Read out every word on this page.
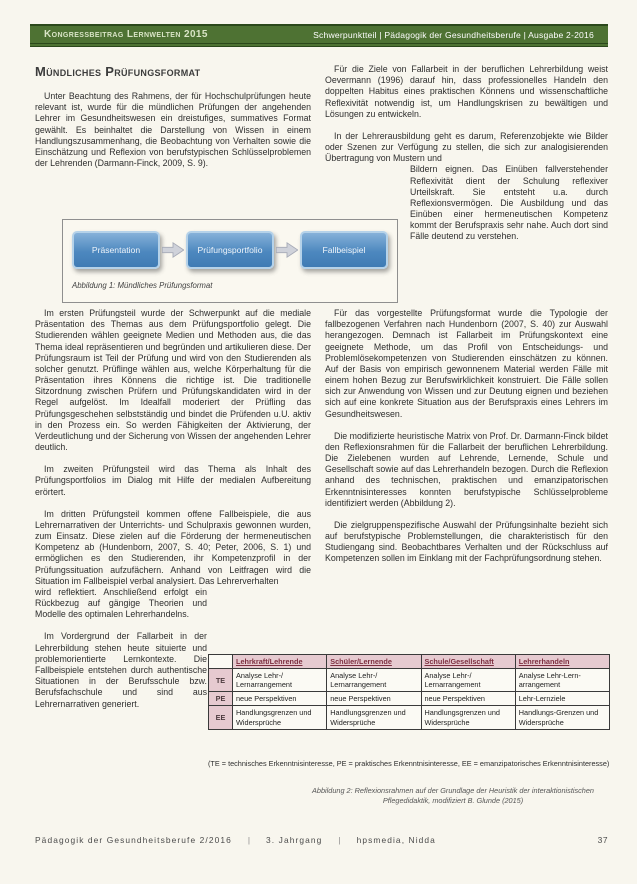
Kongressbeitrag Lernwelten 2015	Schwerpunktteil | Pädagogik der Gesundheitsberufe | Ausgabe 2-2016
Mündliches Prüfungsformat

Unter Beachtung des Rahmens, der für Hochschulprüfungen heute relevant ist, wurde für die mündlichen Prüfungen der angehenden Lehrer im Gesundheitswesen ein dreistufiges, summatives Format gewählt. Es beinhaltet die Darstellung von Wissen in einem Handlungszusammenhang, die Beobachtung von Verhalten sowie die Einschätzung und Reflexion von berufstypischen Schlüsselproblemen der Lehrenden (Darmann-Finck, 2009, S. 9).

Präsentation	Prüfungsportfolio	Fallbeispiel
Abbildung 1: Mündliches Prüfungsformat

Für die Ziele von Fallarbeit in der beruflichen Lehrerbildung weist Oevermann (1996) darauf hin, dass professionelles Handeln den doppelten Habitus eines praktischen Könnens und wissenschaftliche Reflexivität notwendig ist, um Handlungskrisen zu bewältigen und Lösungen zu entwickeln.

In der Lehrerausbildung geht es darum, Referenzobjekte wie Bilder oder Szenen zur Verfügung zu stellen, die sich zur analogisierenden Übertragung von Mustern und

Bildern eignen. Das Einüben fallverstehender Reflexivität dient der Schulung reflexiver Urteilskraft. Sie entsteht u.a. durch Reflexionsvermögen. Die Ausbildung und das Einüben einer hermeneutischen Kompetenz kommt der Berufspraxis sehr nahe. Auch dort sind Fälle deutend zu verstehen.

Im ersten Prüfungsteil wurde der Schwerpunkt auf die mediale Präsentation des Themas aus dem Prüfungsportfolio gelegt. Die Studierenden wählen geeignete Medien und Methoden aus, die das Thema ideal repräsentieren und begründen und artikulieren diese. Der Prüfungsraum ist Teil der Prüfung und wird von den Studierenden als solcher genutzt. Prüflinge wählen aus, welche Körperhaltung für die Präsentation ihres Könnens die richtige ist. Die traditionelle Sitzordnung zwischen Prüfern und Prüfungskandidaten wird in der Regel aufgelöst. Im Idealfall moderiert der Prüfling das Prüfungsgeschehen selbstständig und bindet die Prüfenden u.U. aktiv in den Prozess ein. So werden Fähigkeiten der Aktivierung, der Verdeutlichung und der Sicherung von Wissen der angehenden Lehrer deutlich.

Im zweiten Prüfungsteil wird das Thema als Inhalt des Prüfungsportfolios im Dialog mit Hilfe der medialen Aufbereitung erörtert.

Im dritten Prüfungsteil kommen offene Fallbeispiele, die aus Lehrernarrativen der Unterrichts- und Schulpraxis gewonnen wurden, zum Einsatz. Diese zielen auf die Förderung der hermeneutischen Kompetenz ab (Hundenborn, 2007, S. 40; Peter, 2006, S. 1) und ermöglichen es den Studierenden, ihr Kompetenzprofil in der Prüfungssituation aufzufächern. Anhand von Leitfragen wird die Situation im Fallbeispiel verbal analysiert. Das Lehrerverhalten

wird reflektiert. Anschließend erfolgt ein Rückbezug auf gängige Theorien und Modelle des optimalen Lehrerhandelns.

Im Vordergrund der Fallarbeit in der Lehrerbildung stehen heute situierte und problemorientierte Lernkontexte. Die Fallbeispiele entstehen durch authentische Situationen in der Berufsschule bzw. Berufsfachschule und sind aus Lehrernarrativen generiert.

Für das vorgestellte Prüfungsformat wurde die Typologie der fallbezogenen Verfahren nach Hundenborn (2007, S. 40) zur Auswahl herangezogen. Demnach ist Fallarbeit im Prüfungskontext eine geeignete Methode, um das Profil von Entscheidungs- und Problemlösekompetenzen von Studierenden einschätzen zu können. Auf der Basis von empirisch gewonnenem Material werden Fälle mit einem hohen Bezug zur Berufswirklichkeit konstruiert. Die Fälle sollen sich zur Anwendung von Wissen und zur Deutung eignen und beziehen sich auf eine konkrete Situation aus der Berufspraxis eines Lehrers im Gesundheitswesen.

Die modifizierte heuristische Matrix von Prof. Dr. Darmann-Finck bildet den Reflexionsrahmen für die Fallarbeit der beruflichen Lehrerbildung. Die Zielebenen wurden auf Lehrende, Lernende, Schule und Gesellschaft sowie auf das Lehrerhandeln bezogen. Durch die Reflexion anhand des technischen, praktischen und emanzipatorischen Erkenntnisinteresses konnten berufstypische Schlüsselprobleme identifiziert werden (Abbildung 2).

Die zielgruppenspezifische Auswahl der Prüfungsinhalte bezieht sich auf berufstypische Problemstellungen, die charakteristisch für den Studiengang sind. Beobachtbares Verhalten und der Rückschluss auf Kompetenzen sollen im Einklang mit der Fachprüfungsordnung stehen.

	Lehrkraft/Lehrende	Schüler/Lernende	Schule/Gesellschaft	Lehrerhandeln
TE	Analyse Lehr-/ Lernarrangement	Analyse Lehr-/ Lernarrangement	Analyse Lehr-/ Lernarrangement	Analyse Lehr-Lern-arrangement
PE	neue Perspektiven	neue Perspektiven	neue Perspektiven	Lehr-Lernziele
EE	Handlungsgrenzen und Widersprüche	Handlungsgrenzen und Widersprüche	Handlungsgrenzen und Widersprüche	Handlungs-Grenzen und Widersprüche
(TE = technisches Erkenntnisinteresse, PE = praktisches Erkenntnisinteresse, EE = emanzipatorisches Erkenntnisinteresse)
Abbildung 2: Reflexionsrahmen auf der Grundlage der Heuristik der interaktionistischen Pflegedidaktik, modifiziert B. Glunde (2015)
Pädagogik der Gesundheitsberufe 2/2016 | 3. Jahrgang | hpsmedia, Nidda	37
